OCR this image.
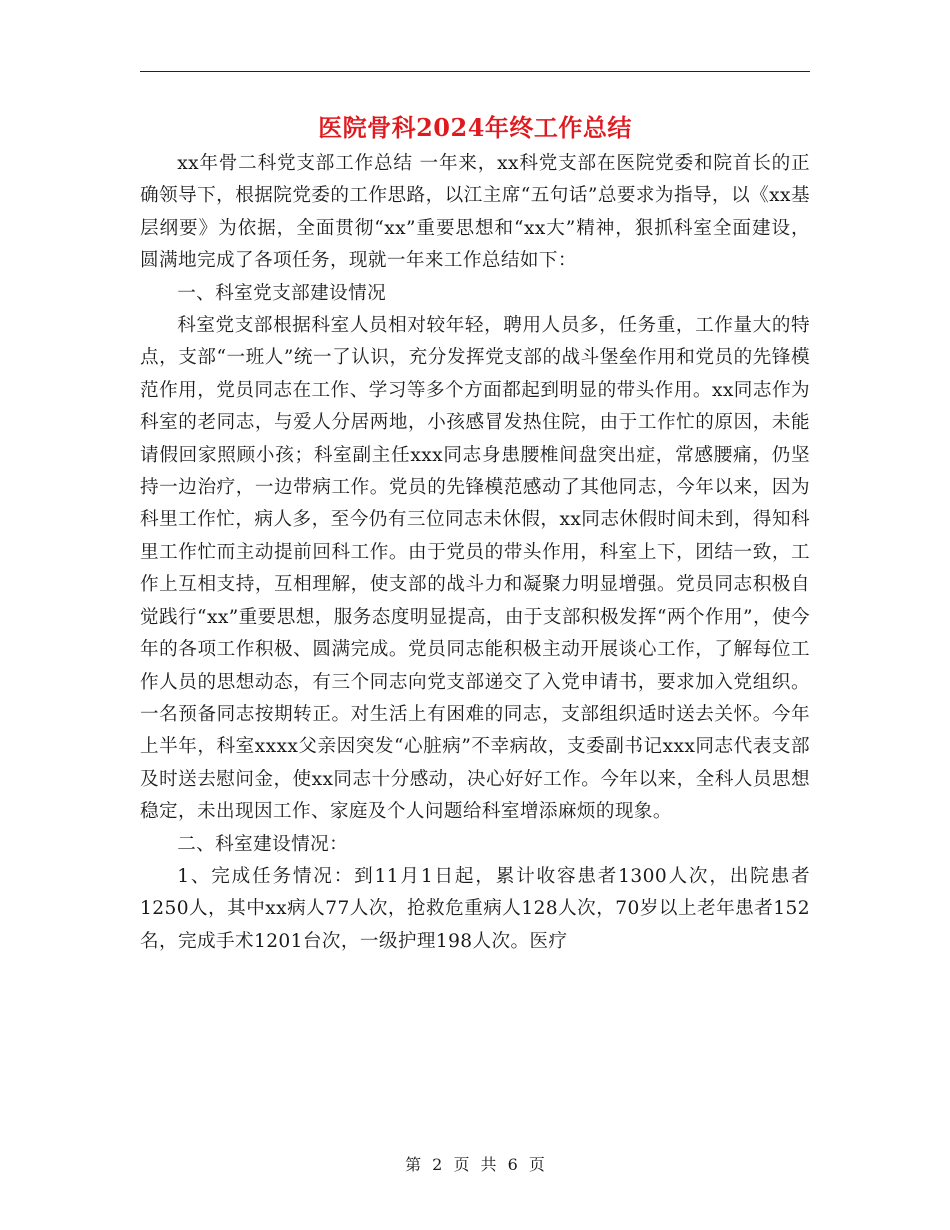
医院骨科2024年终工作总结

xx年骨二科党支部工作总结 一年来，xx科党支部在医院党委和院首长的正确领导下，根据院党委的工作思路，以江主席“五句话”总要求为指导，以《xx基层纲要》为依据，全面贯彻“xx”重要思想和“xx大”精神，狠抓科室全面建设，圆满地完成了各项任务，现就一年来工作总结如下：

一、科室党支部建设情况

科室党支部根据科室人员相对较年轻，聘用人员多，任务重，工作量大的特点，支部“一班人”统一了认识，充分发挥党支部的战斗堡垒作用和党员的先锋模范作用，党员同志在工作、学习等多个方面都起到明显的带头作用。xx同志作为科室的老同志，与爱人分居两地，小孩感冒发热住院，由于工作忙的原因，未能请假回家照顾小孩；科室副主任xxx同志身患腰椎间盘突出症，常感腰痛，仍坚持一边治疗，一边带病工作。党员的先锋模范感动了其他同志，今年以来，因为科里工作忙，病人多，至今仍有三位同志未休假，xx同志休假时间未到，得知科里工作忙而主动提前回科工作。由于党员的带头作用，科室上下，团结一致，工作上互相支持，互相理解，使支部的战斗力和凝聚力明显增强。党员同志积极自觉践行“xx”重要思想，服务态度明显提高，由于支部积极发挥“两个作用”，使今年的各项工作积极、圆满完成。党员同志能积极主动开展谈心工作，了解每位工作人员的思想动态，有三个同志向党支部递交了入党申请书，要求加入党组织。一名预备同志按期转正。对生活上有困难的同志，支部组织适时送去关怀。今年上半年，科室xxxx父亲因突发“心脏病”不幸病故，支委副书记xxx同志代表支部及时送去慰问金，使xx同志十分感动，决心好好工作。今年以来，全科人员思想稳定，未出现因工作、家庭及个人问题给科室增添麻烦的现象。

二、科室建设情况：

1、完成任务情况：到11月1日起，累计收容患者1300人次，出院患者1250人，其中xx病人77人次，抢救危重病人128人次，70岁以上老年患者152名，完成手术1201台次，一级护理198人次。医疗

第 2 页 共 6 页
